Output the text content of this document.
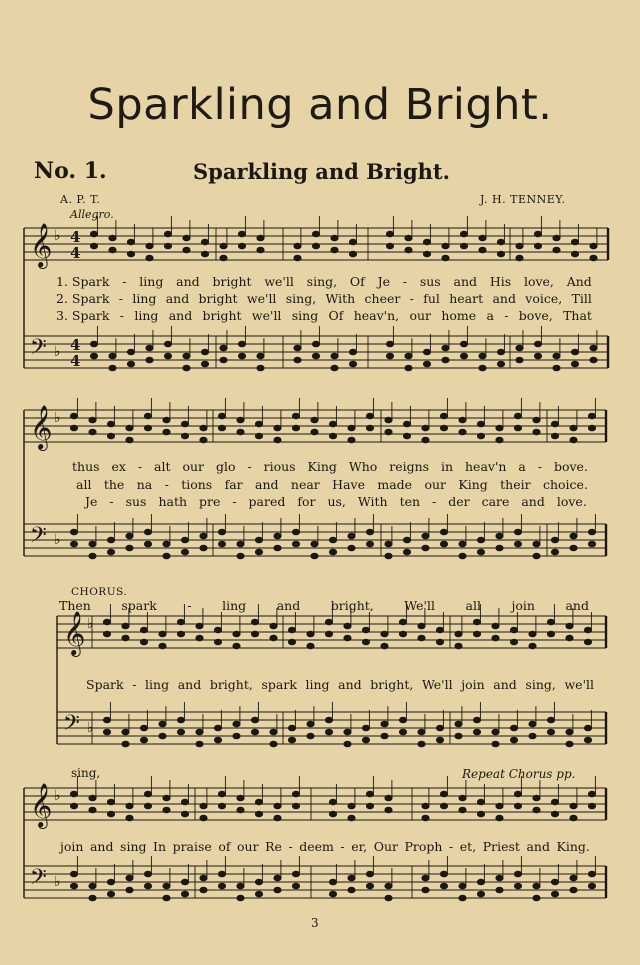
Sparkling and Bright.
No. 1.	Sparkling and Bright.
A. P. T.	J. H. TENNEY.
Allegro.
𝄞 ♭ 4
4
𝄢 ♭ 4
4
𝄞 ♭
𝄢 ♭
𝄞 ♭
𝄢 ♭
𝄞 ♭
𝄢 ♭
1. Spark - ling and bright we'll sing, Of Je - sus and His love, And
2. Spark - ling and bright we'll sing, With cheer - ful heart and voice, Till
3. Spark - ling and bright we'll sing Of heav'n, our home a - bove, That
thus ex - alt our glo - rious King Who reigns in heav'n a - bove.
all the na - tions far and near Have made our King their choice.
Je - sus hath pre - pared for us, With ten - der care and love.
CHORUS.
Then spark - ling and bright, We'll all join and
Spark - ling and bright, spark ling and bright, We'll join and sing, we'll
sing,	Repeat Chorus pp.
join and sing In praise of our Re - deem - er, Our Proph - et, Priest and King.
3
